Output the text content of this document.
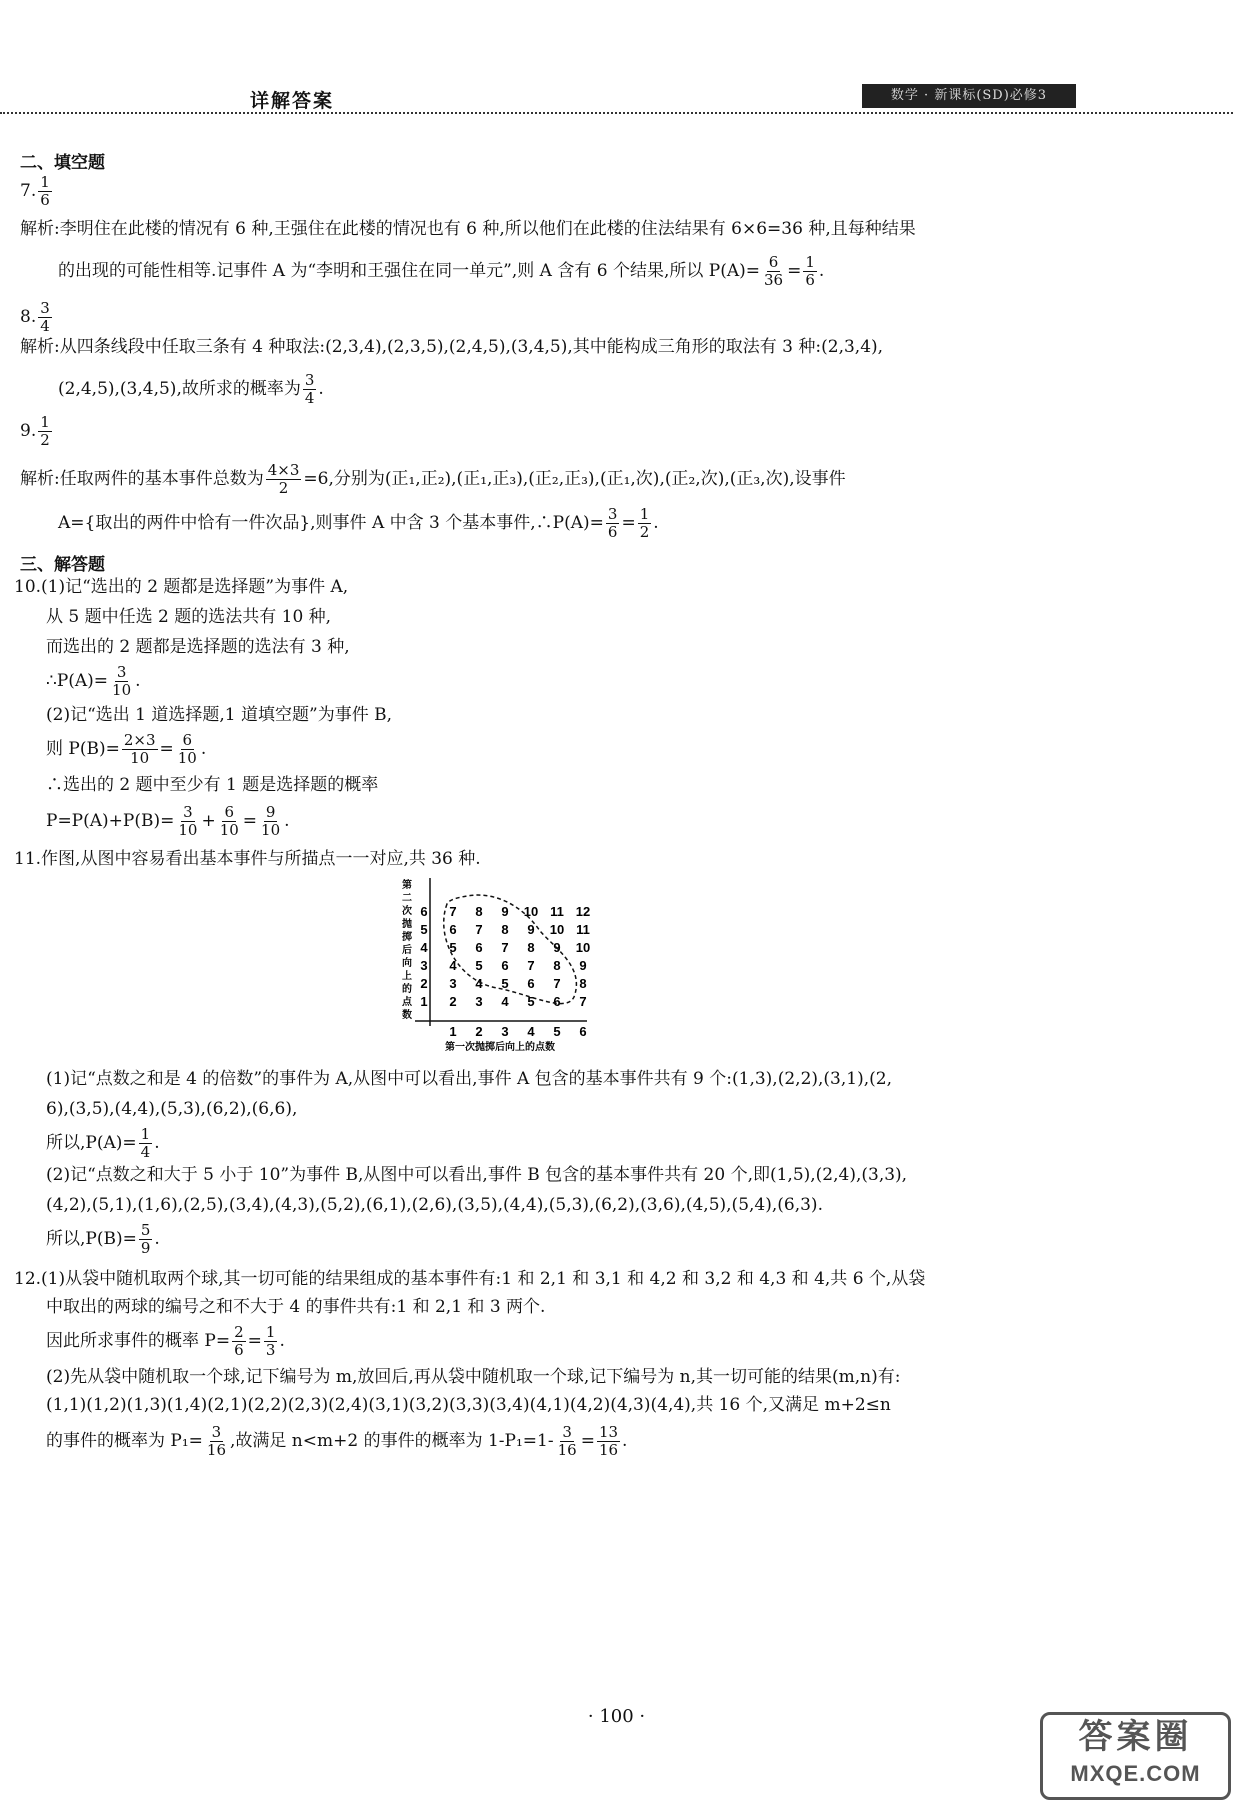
详解答案	数学 · 新课标(SD)必修3
二、填空题
7. $\frac{1}{6}$
解析:李明住在此楼的情况有 6 种,王强住在此楼的情况也有 6 种,所以他们在此楼的住法结果有 6×6=36 种,且每种结果
的出现的可能性相等.记事件 A 为“李明和王强住在同一单元”,则 A 含有 6 个结果,所以 $P(A)= \frac{6}{36} = \frac{1}{6}$ .
8. $\frac{3}{4}$
解析:从四条线段中任取三条有 4 种取法:(2,3,4),(2,3,5),(2,4,5),(3,4,5),其中能构成三角形的取法有 3 种:(2,3,4),
(2,4,5),(3,4,5),故所求的概率为 $\frac{3}{4}$ .
9. $\frac{1}{2}$
解析:任取两件的基本事件总数为 $\frac{4\times 3}{2} =6$,分别为(正₁,正₂),(正₁,正₃),(正₂,正₃),(正₁,次),(正₂,次),(正₃,次),设事件
A={取出的两件中恰有一件次品},则事件 A 中含 3 个基本事件,∴P(A)= $\frac{3}{6} = \frac{1}{2}$ .
三、解答题
10.(1)记“选出的 2 题都是选择题”为事件 A,
从 5 题中任选 2 题的选法共有 10 种,
而选出的 2 题都是选择题的选法有 3 种,
∴P(A)= $\frac{3}{10}$ .
(2)记“选出 1 道选择题,1 道填空题”为事件 B,
则 $P(B)= \frac{2\times 3}{10} = \frac{6}{10}$ .
∴选出的 2 题中至少有 1 题是选择题的概率
$P=P(A)+P(B)= \frac{3}{10} + \frac{6}{10} = \frac{9}{10}$ .
11.作图,从图中容易看出基本事件与所描点一一对应,共 36 种.
第
二
次
抛
掷
后
向
上
的
点
数
6 7 8 9 10 11 12
5 6 7 8 9 10 11
4 5 6 7 8 9 10
3 4 5 6 7 8 9
2 3 4 5 6 7 8
1 2 3 4 5 6 7
1 2 3 4 5 6
第一次抛掷后向上的点数
(1)记“点数之和是 4 的倍数”的事件为 A,从图中可以看出,事件 A 包含的基本事件共有 9 个:(1,3),(2,2),(3,1),(2,
6),(3,5),(4,4),(5,3),(6,2),(6,6),
所以$,P(A)= \frac{1}{4}$ .
(2)记“点数之和大于 5 小于 10”为事件 B,从图中可以看出,事件 B 包含的基本事件共有 20 个,即(1,5),(2,4),(3,3),
(4,2),(5,1),(1,6),(2,5),(3,4),(4,3),(5,2),(6,1),(2,6),(3,5),(4,4),(5,3),(6,2),(3,6),(4,5),(5,4),(6,3).
所以$,P(B)= \frac{5}{9}$ .
12.(1)从袋中随机取两个球,其一切可能的结果组成的基本事件有:1 和 2,1 和 3,1 和 4,2 和 3,2 和 4,3 和 4,共 6 个,从袋
中取出的两球的编号之和不大于 4 的事件共有:1 和 2,1 和 3 两个.
因此所求事件的概率 $P= \frac{2}{6} = \frac{1}{3}$ .
(2)先从袋中随机取一个球,记下编号为 m,放回后,再从袋中随机取一个球,记下编号为 n,其一切可能的结果(m,n)有:
(1,1)(1,2)(1,3)(1,4)(2,1)(2,2)(2,3)(2,4)(3,1)(3,2)(3,3)(3,4)(4,1)(4,2)(4,3)(4,4),共 16 个,又满足 m+2≤n
的事件的概率为 $P_1= \frac{3}{16}$ ,故满足 n<m+2 的事件的概率为 $1-P_1=1- \frac{3}{16} = \frac{13}{16}$ .
· 100 ·
答案圈
MXQE.COM
